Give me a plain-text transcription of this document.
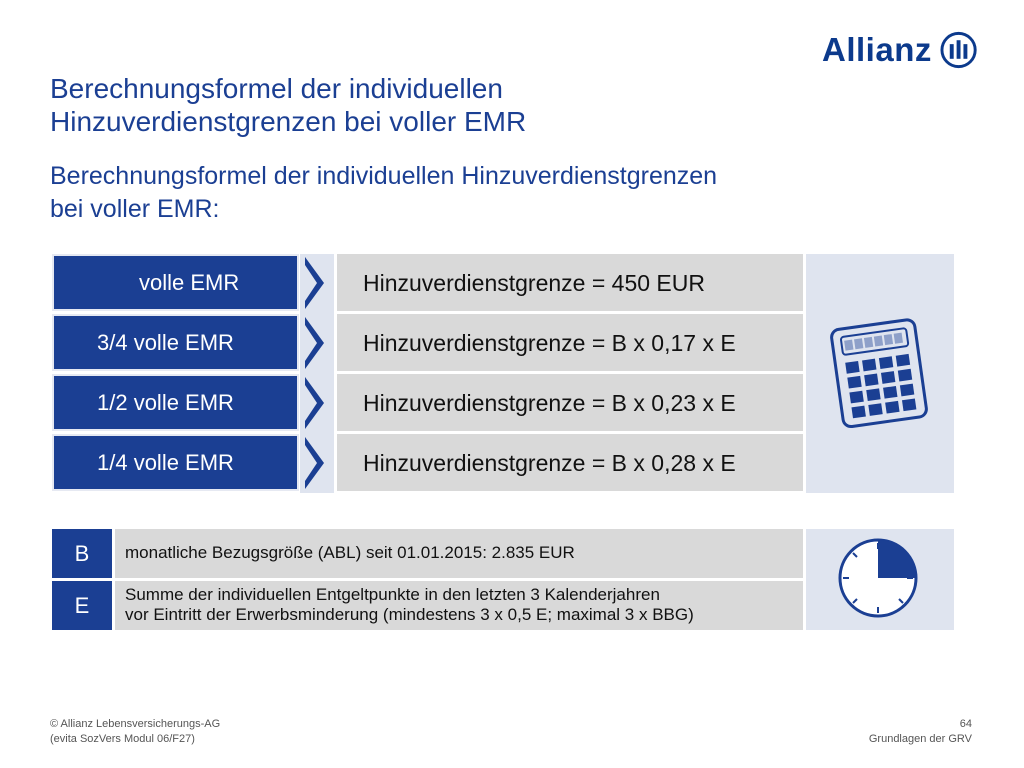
Allianz
Berechnungsformel der individuellen
Hinzuverdienstgrenzen bei voller EMR
Berechnungsformel der individuellen Hinzuverdienstgrenzen
bei voller EMR:
volle EMR	Hinzuverdienstgrenze = 450 EUR
3/4 volle EMR	Hinzuverdienstgrenze = B x 0,17 x E
1/2 volle EMR	Hinzuverdienstgrenze = B x 0,23 x E
1/4 volle EMR	Hinzuverdienstgrenze = B x 0,28 x E
B monatliche Bezugsgröße (ABL) seit 01.01.2015: 2.835 EUR
E Summe der individuellen Entgeltpunkte in den letzten 3 Kalenderjahren
vor Eintritt der Erwerbsminderung (mindestens 3 x 0,5 E; maximal 3 x BBG)
© Allianz Lebensversicherungs-AG
(evita SozVers Modul 06/F27)
64
Grundlagen der GRV
